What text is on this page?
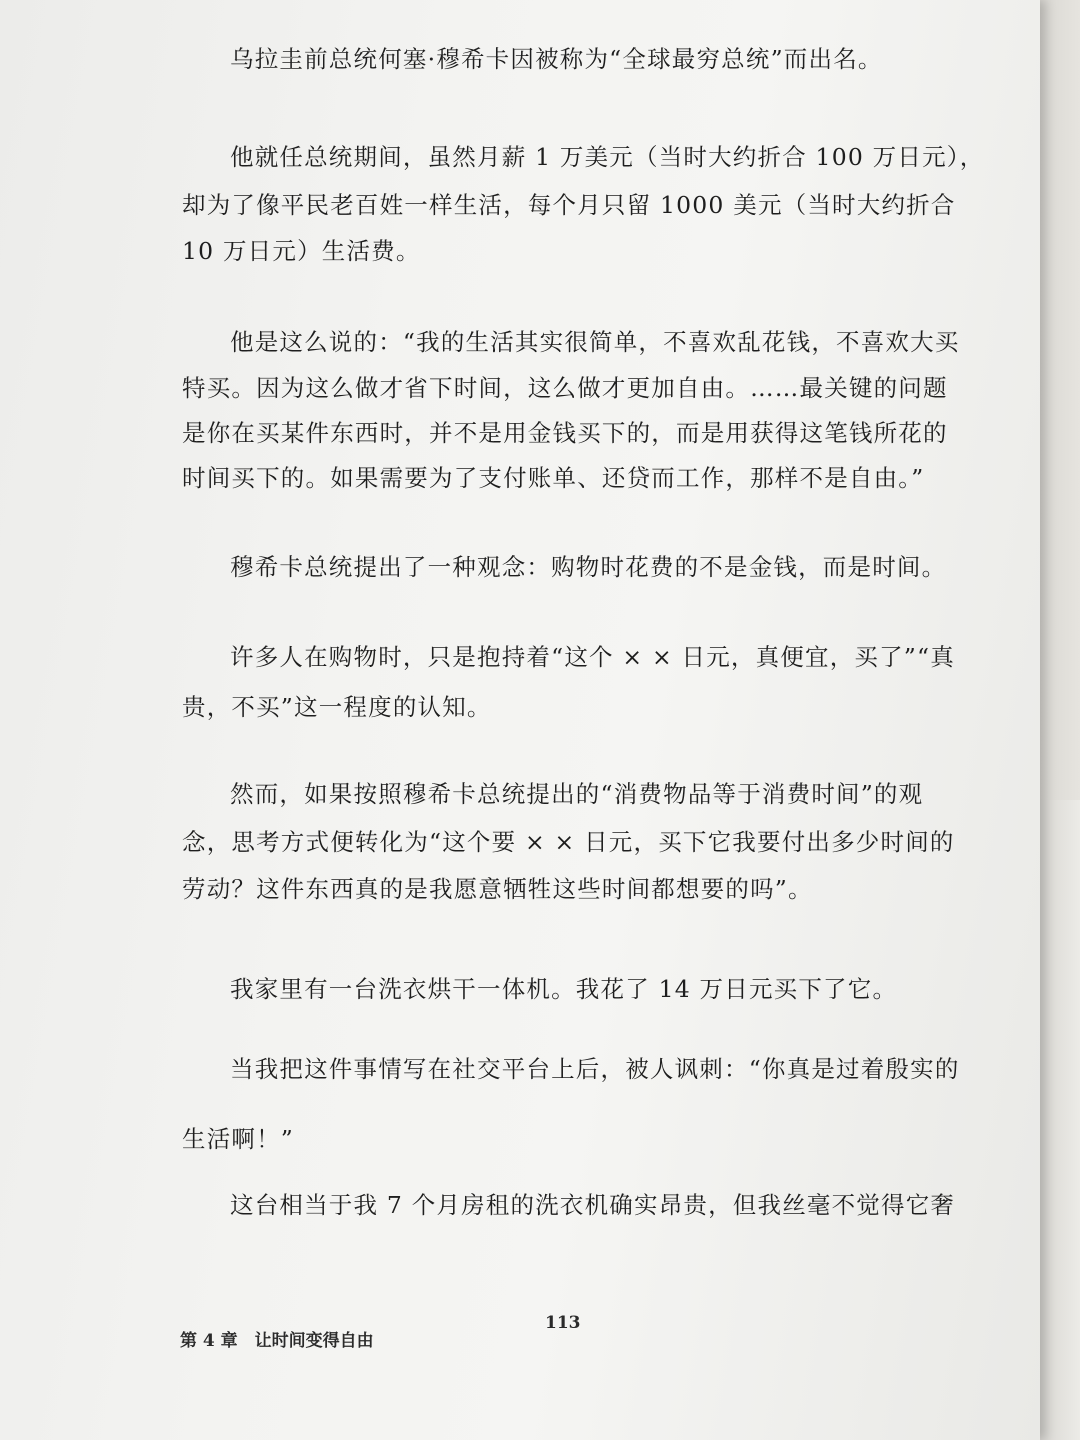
乌拉圭前总统何塞·穆希卡因被称为“全球最穷总统”而出名。
他就任总统期间，虽然月薪 1 万美元（当时大约折合 100 万日元），
却为了像平民老百姓一样生活，每个月只留 1000 美元（当时大约折合
10 万日元）生活费。
他是这么说的：“我的生活其实很简单，不喜欢乱花钱，不喜欢大买
特买。因为这么做才省下时间，这么做才更加自由。……最关键的问题
是你在买某件东西时，并不是用金钱买下的，而是用获得这笔钱所花的
时间买下的。如果需要为了支付账单、还贷而工作，那样不是自由。”
穆希卡总统提出了一种观念：购物时花费的不是金钱，而是时间。
许多人在购物时，只是抱持着“这个 × × 日元，真便宜，买了”“真
贵，不买”这一程度的认知。
然而，如果按照穆希卡总统提出的“消费物品等于消费时间”的观
念，思考方式便转化为“这个要 × × 日元，买下它我要付出多少时间的
劳动？这件东西真的是我愿意牺牲这些时间都想要的吗”。
我家里有一台洗衣烘干一体机。我花了 14 万日元买下了它。
当我把这件事情写在社交平台上后，被人讽刺：“你真是过着殷实的
生活啊！”
这台相当于我 7 个月房租的洗衣机确实昂贵，但我丝毫不觉得它奢
113
第 4 章　让时间变得自由
